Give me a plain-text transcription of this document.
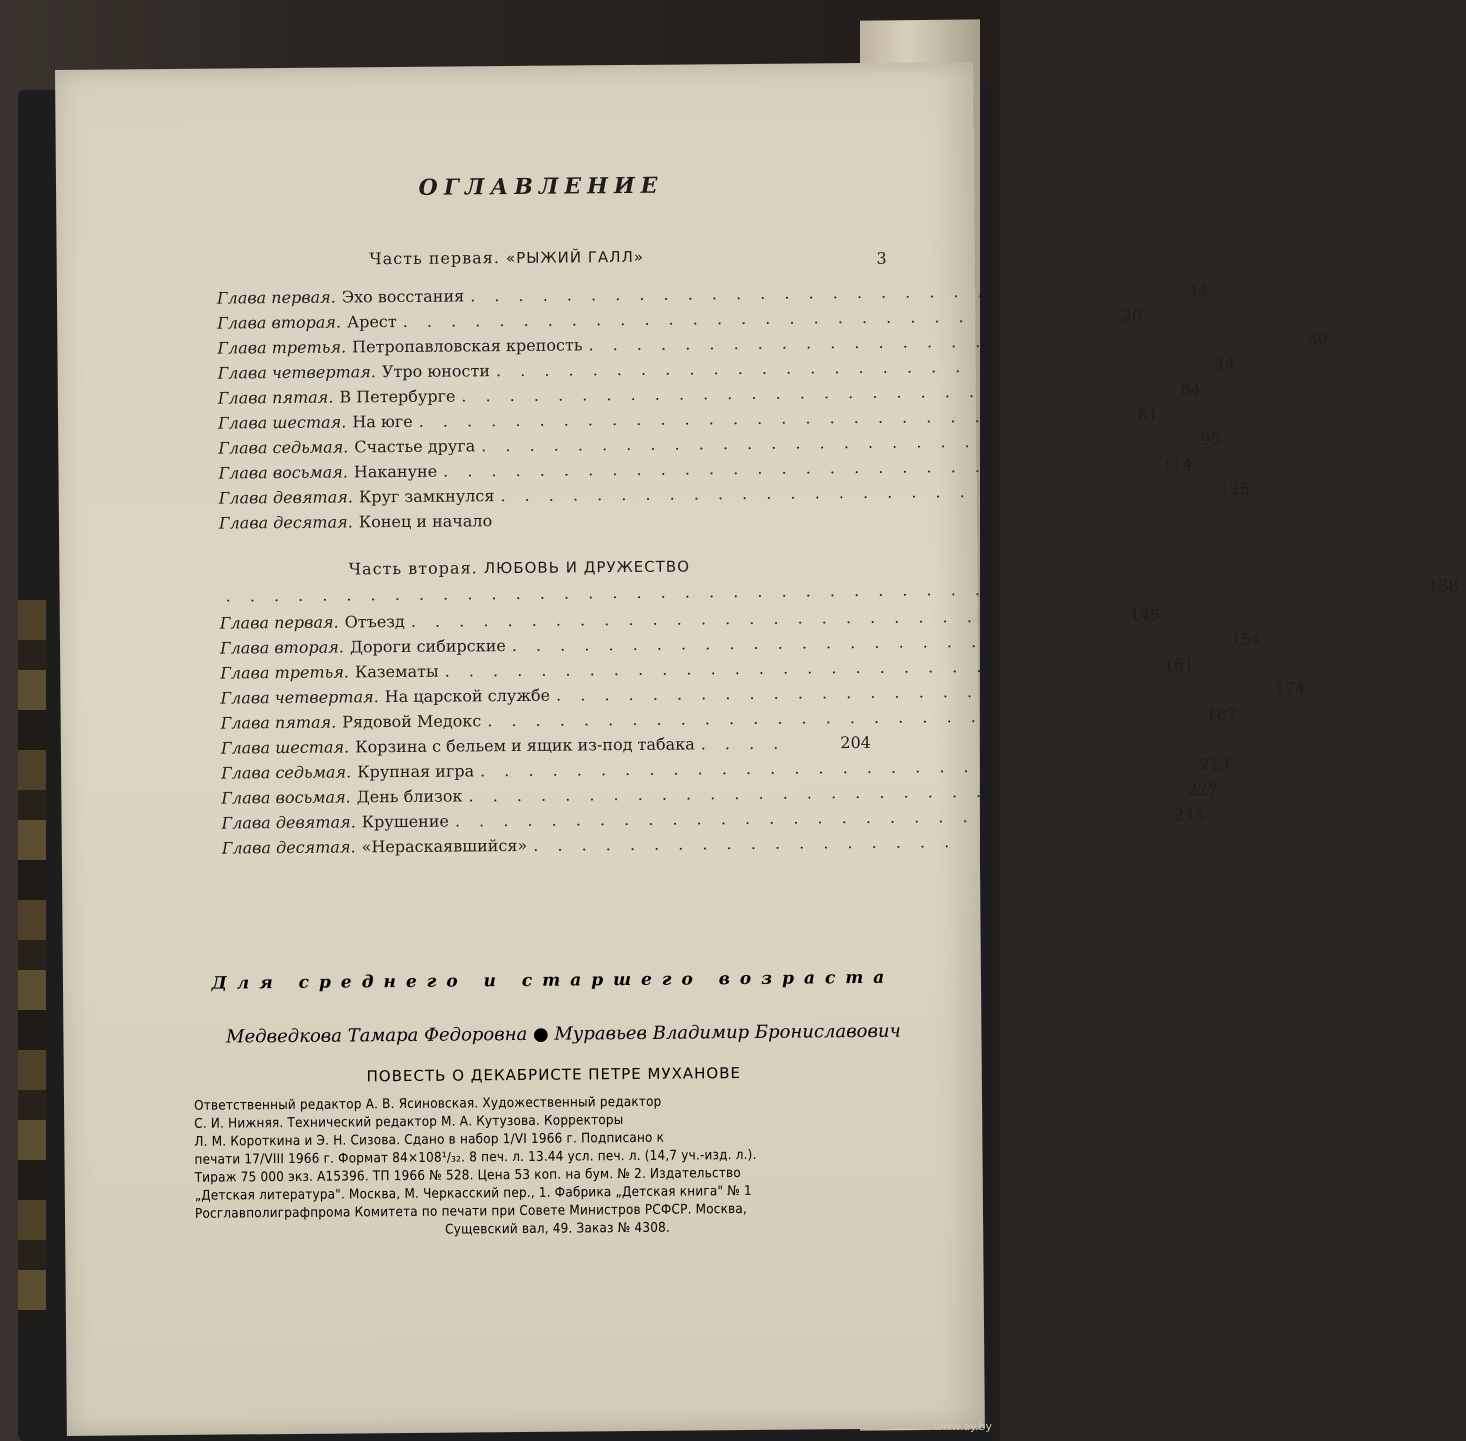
ОГЛАВЛЕНИЕ
Часть первая. «РЫЖИЙ ГАЛЛ»	3
Глава первая. Эхо восстания . . . . . . . . . . . . . . . . . . . . . . . . . . . . . . 11
Глава вторая. Арест . . . . . . . . . . . . . . . . . . . . . . . . . . . . . . 20
Глава третья. Петропавловская крепость . . . . . . . . . . . . . . . . . . . . . . . . . . . . . . 30
Глава четвертая. Утро юности . . . . . . . . . . . . . . . . . . . . . . . . . . . . . . 44
Глава пятая. В Петербурге . . . . . . . . . . . . . . . . . . . . . . . . . . . . . . 64
Глава шестая. На юге . . . . . . . . . . . . . . . . . . . . . . . . . . . . . . 81
Глава седьмая. Счастье друга . . . . . . . . . . . . . . . . . . . . . . . . . . . . . . 95
Глава восьмая. Накануне . . . . . . . . . . . . . . . . . . . . . . . . . . . . . . 114
Глава девятая. Круг замкнулся . . . . . . . . . . . . . . . . . . . . . . . . . . . . . . 125
Глава десятая. Конец и начало
Часть вторая. ЛЮБОВЬ И ДРУЖЕСТВО
. . . . . . . . . . . . . . . . . . . . . . . . . . . . . . . . . . . . . . . . . . . . . . . . . . 138
Глава первая. Отъезд . . . . . . . . . . . . . . . . . . . . . . . . . . . . . . 145
Глава вторая. Дороги сибирские . . . . . . . . . . . . . . . . . . . . . . . . . . . . . . 154
Глава третья. Казематы . . . . . . . . . . . . . . . . . . . . . . . . . . . . . . 161
Глава четвертая. На царской службе . . . . . . . . . . . . . . . . . . . . . . . . . . . . . . 174
Глава пятая. Рядовой Медокс . . . . . . . . . . . . . . . . . . . . . . . . . . . . . . 187
Глава шестая. Корзина с бельем и ящик из-под табака . . . .	204
Глава седьмая. Крупная игра . . . . . . . . . . . . . . . . . . . . . . . . . . . . . . 213
Глава восьмая. День близок . . . . . . . . . . . . . . . . . . . . . . . . . . . . . . 227
Глава девятая. Крушение . . . . . . . . . . . . . . . . . . . . . . . . . . . . . . 243
Глава десятая. «Нераскаявшийся» . . . . . . . . . . . . . . . . . .
Для среднего и старшего возраста
Медведкова Тамара Федоровна ● Муравьев Владимир Брониславович
ПОВЕСТЬ О ДЕКАБРИСТЕ ПЕТРЕ МУХАНОВЕ
Ответственный редактор А. В. Ясиновская. Художественный редактор
С. И. Нижняя. Технический редактор М. А. Кутузова. Корректоры
Л. М. Короткина и Э. Н. Сизова. Сдано в набор 1/VI 1966 г. Подписано к
печати 17/VIII 1966 г. Формат 84×108¹/₃₂. 8 печ. л. 13.44 усл. печ. л. (14,7 уч.-изд. л.).
Тираж 75 000 экз. А15396. ТП 1966 № 528. Цена 53 коп. на бум. № 2. Издательство
„Детская литература". Москва, М. Черкасский пер., 1. Фабрика „Детская книга" № 1
Росглавполиграфпрома Комитета по печати при Совете Министров РСФСР. Москва,
Сущевский вал, 49. Заказ № 4308.
www.ay.by
